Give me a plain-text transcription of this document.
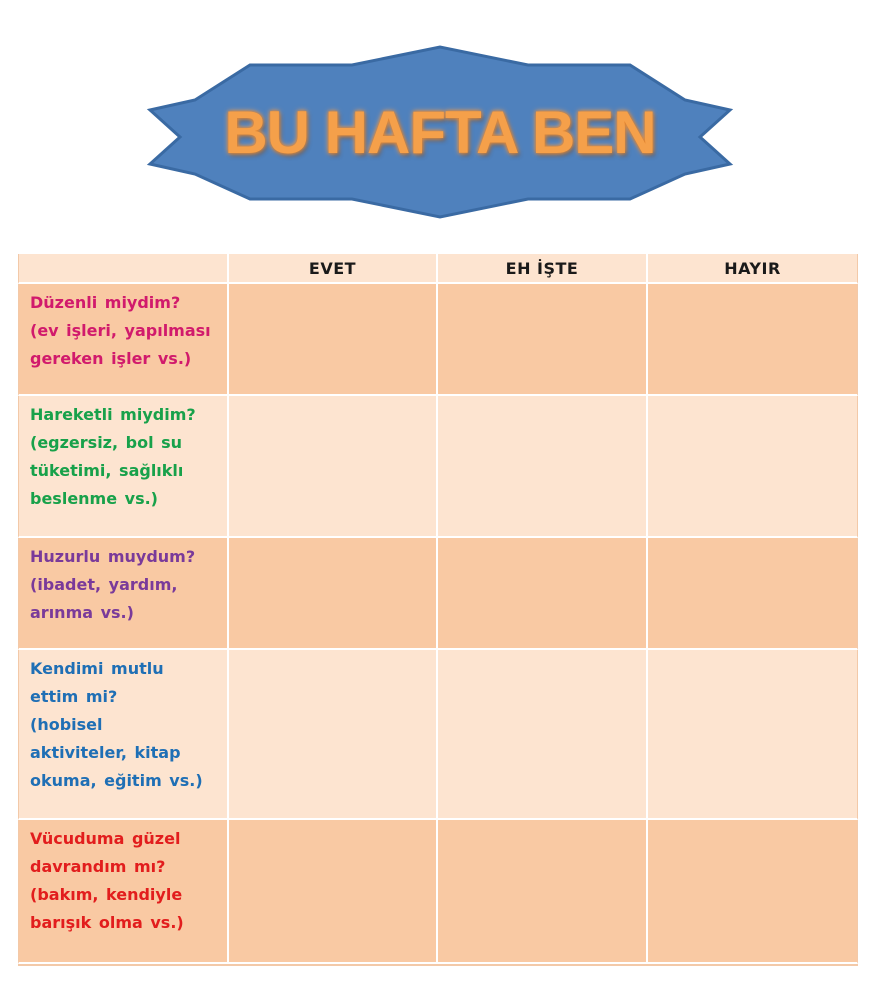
BU HAFTA BEN
EVET	EH İŞTE	HAYIR
Düzenli miydim?
(ev işleri, yapılması
gereken işler vs.)
Hareketli miydim?
(egzersiz, bol su
tüketimi, sağlıklı
beslenme vs.)
Huzurlu muydum?
(ibadet, yardım,
arınma vs.)
Kendimi mutlu
ettim mi?
(hobisel
aktiviteler, kitap
okuma, eğitim vs.)
Vücuduma güzel
davrandım mı?
(bakım, kendiyle
barışık olma vs.)
